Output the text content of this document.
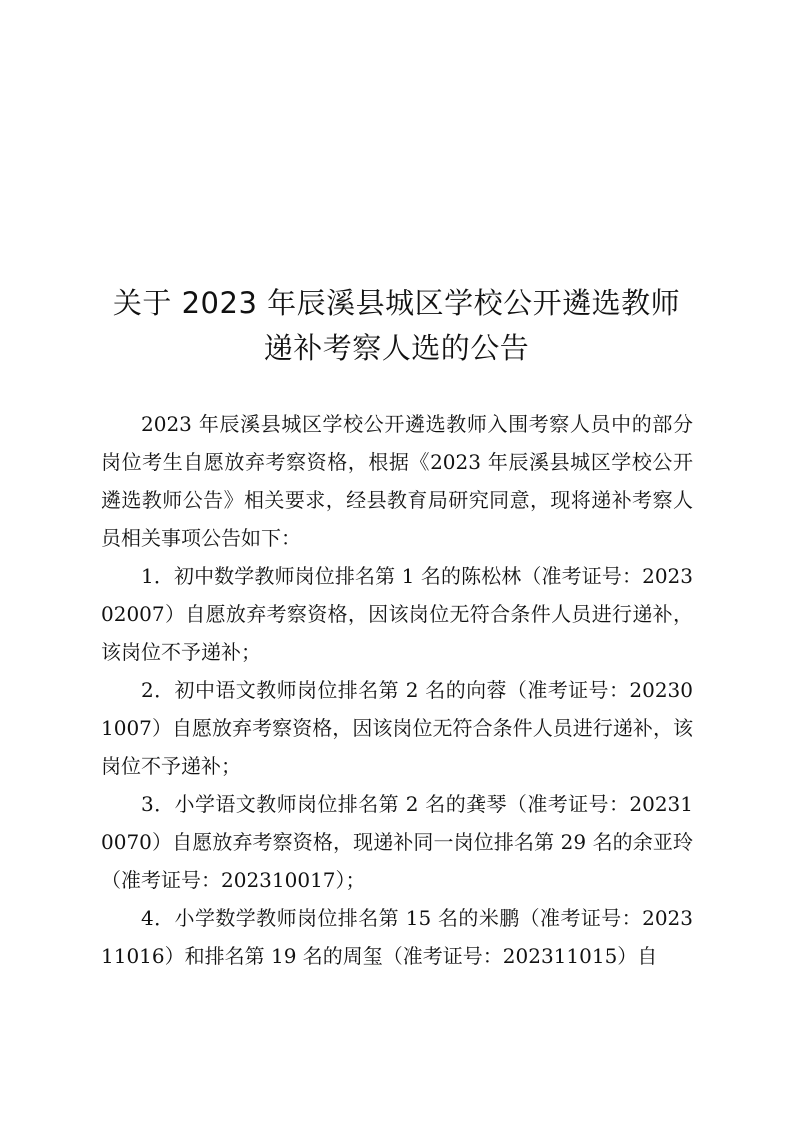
关于 2023 年辰溪县城区学校公开遴选教师
递补考察人选的公告

2023 年辰溪县城区学校公开遴选教师入围考察人员中的部分岗位考生自愿放弃考察资格，根据《2023 年辰溪县城区学校公开遴选教师公告》相关要求，经县教育局研究同意，现将递补考察人员相关事项公告如下：

1．初中数学教师岗位排名第 1 名的陈松林（准考证号：202302007）自愿放弃考察资格，因该岗位无符合条件人员进行递补，该岗位不予递补；

2．初中语文教师岗位排名第 2 名的向蓉（准考证号：202301007）自愿放弃考察资格，因该岗位无符合条件人员进行递补，该岗位不予递补；

3．小学语文教师岗位排名第 2 名的龚琴（准考证号：202310070）自愿放弃考察资格，现递补同一岗位排名第 29 名的余亚玲（准考证号：202310017）；

4．小学数学教师岗位排名第 15 名的米鹏（准考证号：202311016）和排名第 19 名的周玺（准考证号：202311015）自
